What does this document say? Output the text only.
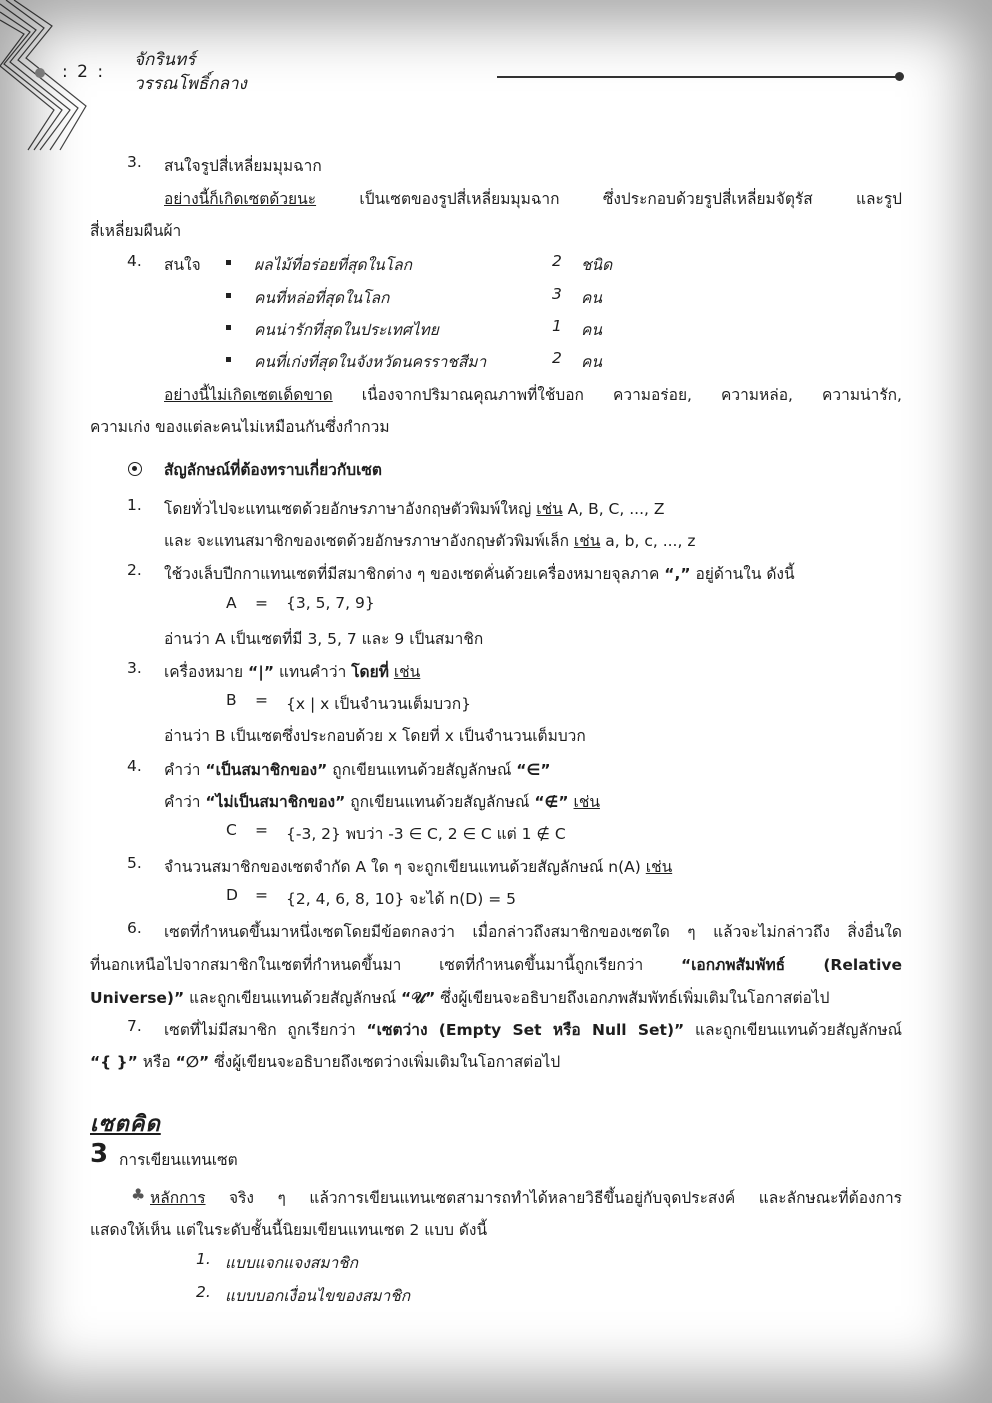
: 2 :
จักรินทร์
วรรณโพธิ์กลาง
3. สนใจรูปสี่เหลี่ยมมุมฉาก
อย่างนี้ก็เกิดเซตด้วยนะ เป็นเซตของรูปสี่เหลี่ยมมุมฉาก ซึ่งประกอบด้วยรูปสี่เหลี่ยมจัตุรัส และรูป
สี่เหลี่ยมผืนผ้า
4. สนใจ	ผลไม้ที่อร่อยที่สุดในโลก	2 ชนิด
คนที่หล่อที่สุดในโลก	3 คน
คนน่ารักที่สุดในประเทศไทย	1 คน
คนที่เก่งที่สุดในจังหวัดนครราชสีมา	2 คน
อย่างนี้ไม่เกิดเซตเด็ดขาด เนื่องจากปริมาณคุณภาพที่ใช้บอก ความอร่อย, ความหล่อ, ความน่ารัก,
ความเก่ง ของแต่ละคนไม่เหมือนกันซึ่งกำกวม
สัญลักษณ์ที่ต้องทราบเกี่ยวกับเซต
1. โดยทั่วไปจะแทนเซตด้วยอักษรภาษาอังกฤษตัวพิมพ์ใหญ่ เช่น A, B, C, ..., Z
และ จะแทนสมาชิกของเซตด้วยอักษรภาษาอังกฤษตัวพิมพ์เล็ก เช่น a, b, c, ..., z
2. ใช้วงเล็บปีกกาแทนเซตที่มีสมาชิกต่าง ๆ ของเซตคั่นด้วยเครื่องหมายจุลภาค “,” อยู่ด้านใน ดังนี้
A = {3, 5, 7, 9}
อ่านว่า A เป็นเซตที่มี 3, 5, 7 และ 9 เป็นสมาชิก
3. เครื่องหมาย “|” แทนคำว่า โดยที่ เช่น
B = {x | x เป็นจำนวนเต็มบวก}
อ่านว่า B เป็นเซตซึ่งประกอบด้วย x โดยที่ x เป็นจำนวนเต็มบวก
4. คำว่า “เป็นสมาชิกของ” ถูกเขียนแทนด้วยสัญลักษณ์ “∈”
คำว่า “ไม่เป็นสมาชิกของ” ถูกเขียนแทนด้วยสัญลักษณ์ “∉” เช่น
C = {-3, 2} พบว่า -3 ∈ C, 2 ∈ C แต่ 1 ∉ C
5. จำนวนสมาชิกของเซตจำกัด A ใด ๆ จะถูกเขียนแทนด้วยสัญลักษณ์ n(A) เช่น
D = {2, 4, 6, 8, 10} จะได้ n(D) = 5
6. เซตที่กำหนดขึ้นมาหนึ่งเซตโดยมีข้อตกลงว่า เมื่อกล่าวถึงสมาชิกของเซตใด ๆ แล้วจะไม่กล่าวถึง สิ่งอื่นใด
ที่นอกเหนือไปจากสมาชิกในเซตที่กำหนดขึ้นมา เซตที่กำหนดขึ้นมานี้ถูกเรียกว่า “เอกภพสัมพัทธ์ (Relative
Universe)” และถูกเขียนแทนด้วยสัญลักษณ์ “𝒰” ซึ่งผู้เขียนจะอธิบายถึงเอกภพสัมพัทธ์เพิ่มเติมในโอกาสต่อไป
7. เซตที่ไม่มีสมาชิก ถูกเรียกว่า “เซตว่าง (Empty Set หรือ Null Set)” และถูกเขียนแทนด้วยสัญลักษณ์
“{ }” หรือ “∅” ซึ่งผู้เขียนจะอธิบายถึงเซตว่างเพิ่มเติมในโอกาสต่อไป
เซตคิด
3 การเขียนแทนเซต
♣ หลักการ จริง ๆ แล้วการเขียนแทนเซตสามารถทำได้หลายวิธีขึ้นอยู่กับจุดประสงค์ และลักษณะที่ต้องการ
แสดงให้เห็น แต่ในระดับชั้นนี้นิยมเขียนแทนเซต 2 แบบ ดังนี้
1. แบบแจกแจงสมาชิก
2. แบบบอกเงื่อนไขของสมาชิก
